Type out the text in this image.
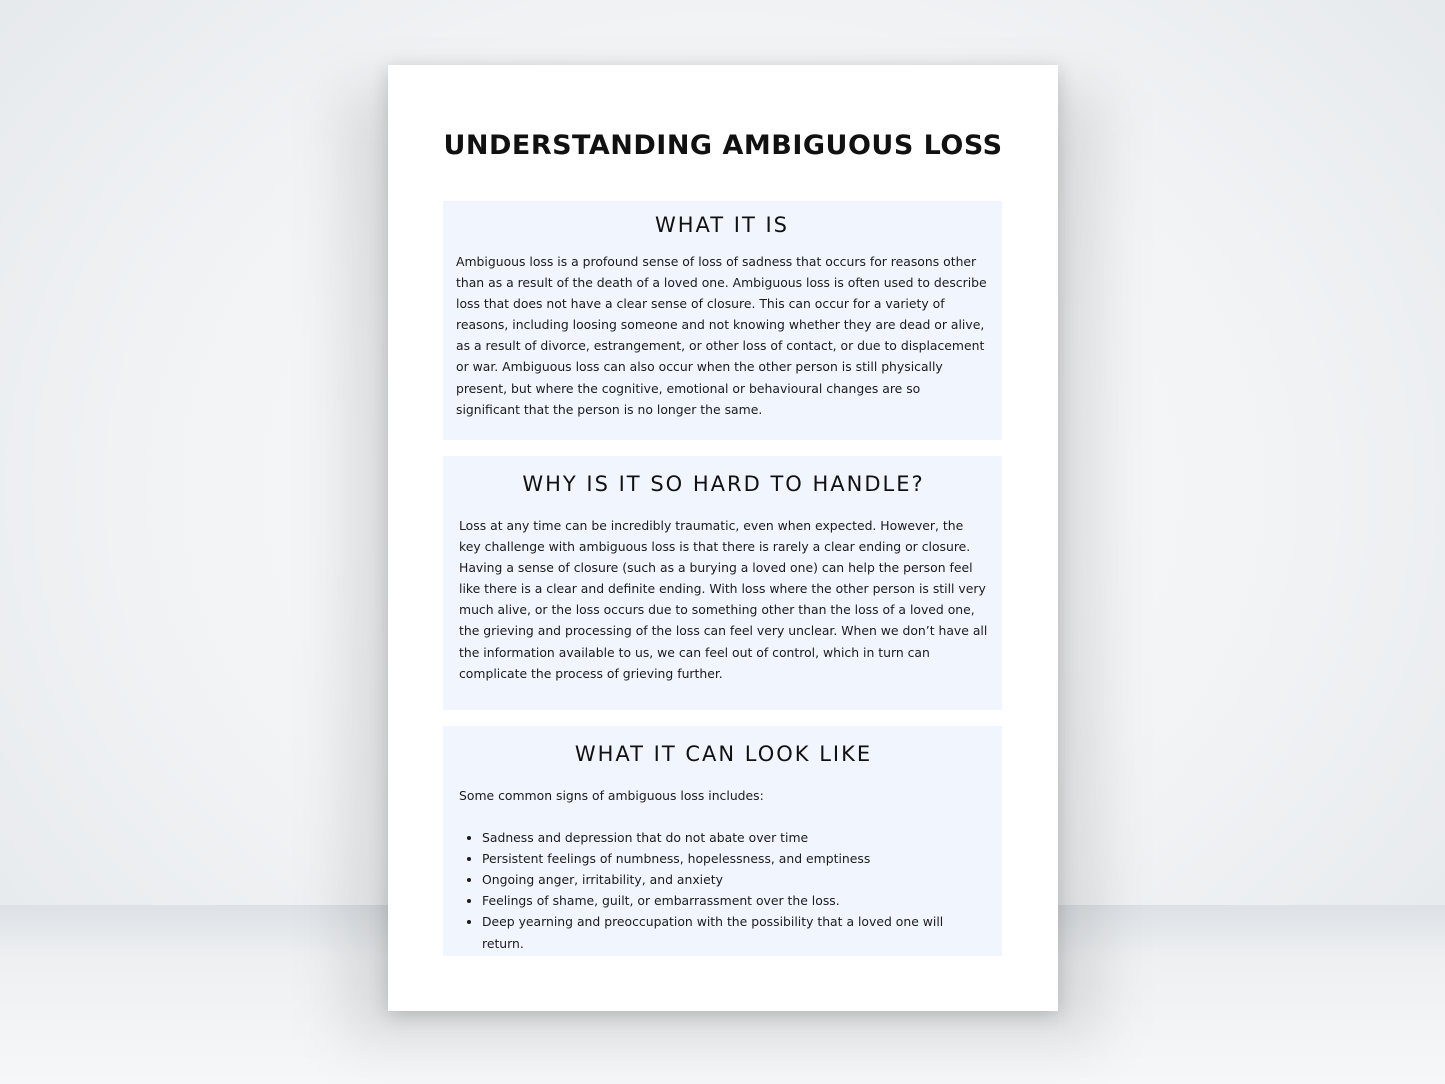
UNDERSTANDING AMBIGUOUS LOSS
WHAT IT IS

Ambiguous loss is a profound sense of loss of sadness that occurs for reasons other than as a result of the death of a loved one. Ambiguous loss is often used to describe loss that does not have a clear sense of closure. This can occur for a variety of reasons, including loosing someone and not knowing whether they are dead or alive, as a result of divorce, estrangement, or other loss of contact, or due to displacement or war. Ambiguous loss can also occur when the other person is still physically present, but where the cognitive, emotional or behavioural changes are so significant that the person is no longer the same.

WHY IS IT SO HARD TO HANDLE?

Loss at any time can be incredibly traumatic, even when expected. However, the key challenge with ambiguous loss is that there is rarely a clear ending or closure. Having a sense of closure (such as a burying a loved one) can help the person feel like there is a clear and definite ending. With loss where the other person is still very much alive, or the loss occurs due to something other than the loss of a loved one, the grieving and processing of the loss can feel very unclear. When we don’t have all the information available to us, we can feel out of control, which in turn can complicate the process of grieving further.

WHAT IT CAN LOOK LIKE

Some common signs of ambiguous loss includes:

• Sadness and depression that do not abate over time
• Persistent feelings of numbness, hopelessness, and emptiness
• Ongoing anger, irritability, and anxiety
• Feelings of shame, guilt, or embarrassment over the loss.
• Deep yearning and preoccupation with the possibility that a loved one will return.
